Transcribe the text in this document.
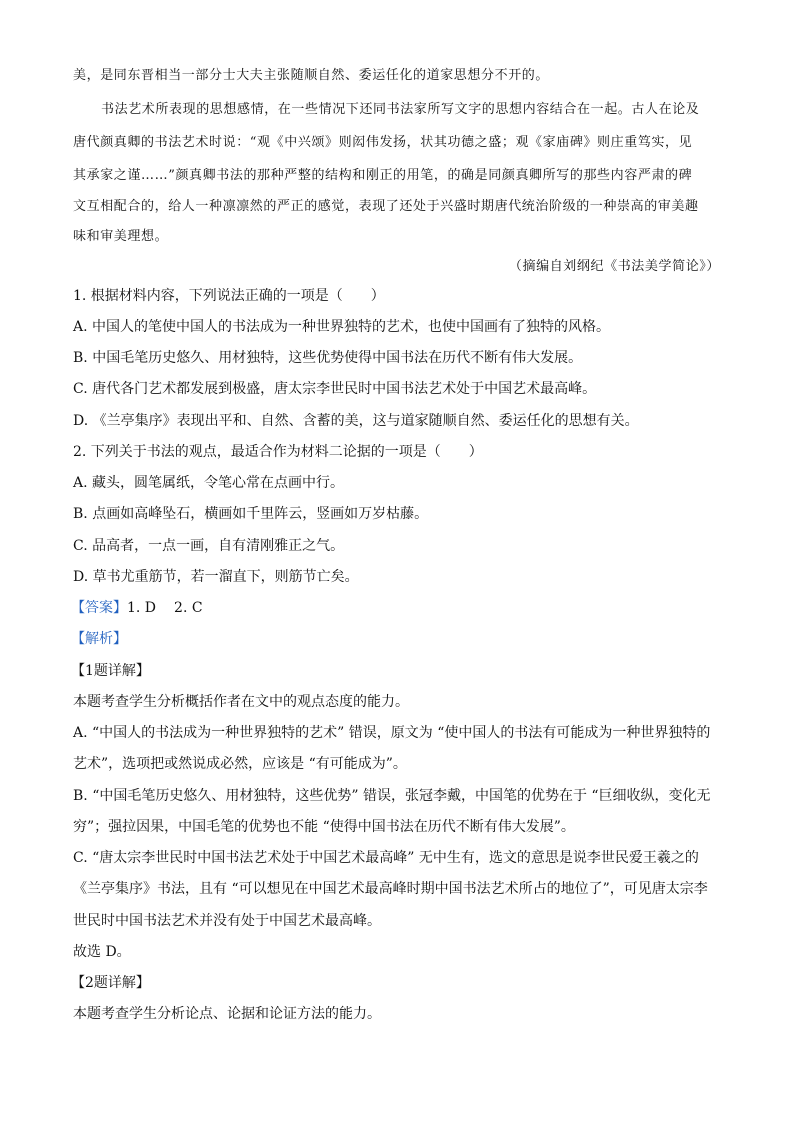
美，是同东晋相当一部分士大夫主张随顺自然、委运任化的道家思想分不开的。
书法艺术所表现的思想感情，在一些情况下还同书法家所写文字的思想内容结合在一起。古人在论及
唐代颜真卿的书法艺术时说：“观《中兴颂》则闳伟发扬，状其功德之盛；观《家庙碑》则庄重笃实，见
其承家之谨……”颜真卿书法的那种严整的结构和刚正的用笔，的确是同颜真卿所写的那些内容严肃的碑
文互相配合的，给人一种凛凛然的严正的感觉，表现了还处于兴盛时期唐代统治阶级的一种崇高的审美趣
味和审美理想。
（摘编自刘纲纪《书法美学简论》）
1. 根据材料内容，下列说法正确的一项是（　　）
A. 中国人的笔使中国人的书法成为一种世界独特的艺术，也使中国画有了独特的风格。
B. 中国毛笔历史悠久、用材独特，这些优势使得中国书法在历代不断有伟大发展。
C. 唐代各门艺术都发展到极盛，唐太宗李世民时中国书法艺术处于中国艺术最高峰。
D. 《兰亭集序》表现出平和、自然、含蓄的美，这与道家随顺自然、委运任化的思想有关。
2. 下列关于书法的观点，最适合作为材料二论据的一项是（　　）
A. 藏头，圆笔属纸，令笔心常在点画中行。
B. 点画如高峰坠石，横画如千里阵云，竖画如万岁枯藤。
C. 品高者，一点一画，自有清刚雅正之气。
D. 草书尤重筋节，若一溜直下，则筋节亡矣。
【答案】1. D 2. C
【解析】
【1题详解】
本题考查学生分析概括作者在文中的观点态度的能力。
A. “中国人的书法成为一种世界独特的艺术” 错误，原文为 “使中国人的书法有可能成为一种世界独特的
艺术”，选项把或然说成必然，应该是 “有可能成为”。
B. “中国毛笔历史悠久、用材独特，这些优势” 错误，张冠李戴，中国笔的优势在于 “巨细收纵，变化无
穷”；强拉因果，中国毛笔的优势也不能 “使得中国书法在历代不断有伟大发展”。
C. “唐太宗李世民时中国书法艺术处于中国艺术最高峰” 无中生有，选文的意思是说李世民爱王羲之的
《兰亭集序》书法，且有 “可以想见在中国艺术最高峰时期中国书法艺术所占的地位了”，可见唐太宗李
世民时中国书法艺术并没有处于中国艺术最高峰。
故选 D。
【2题详解】
本题考查学生分析论点、论据和论证方法的能力。
